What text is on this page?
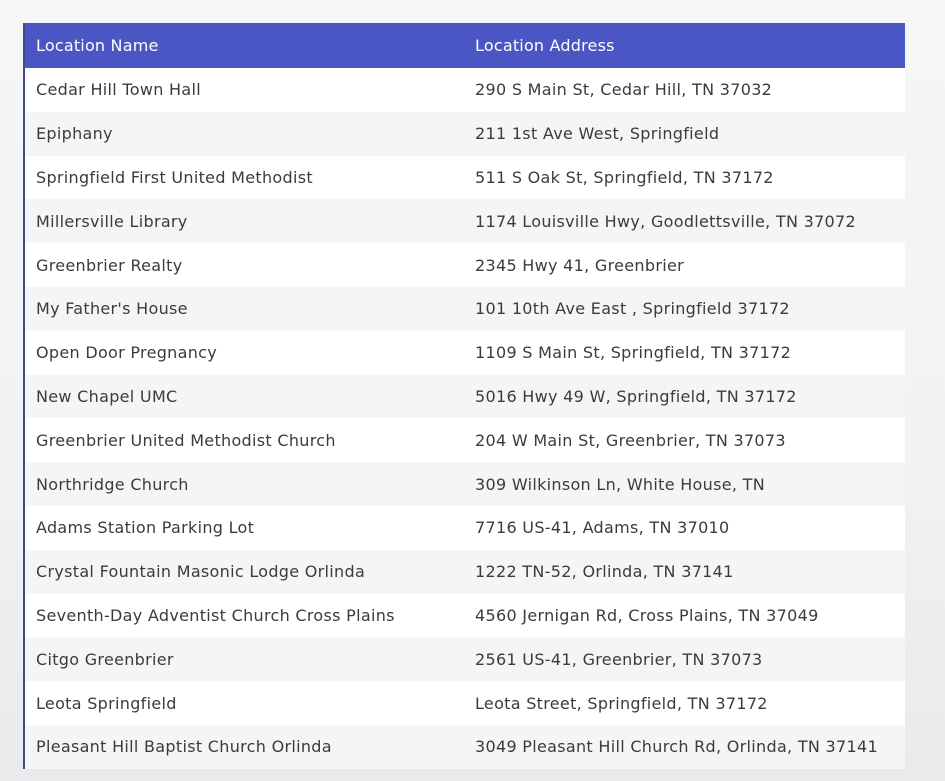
Location Name	Location Address
Cedar Hill Town Hall	290 S Main St, Cedar Hill, TN 37032
Epiphany	211 1st Ave West, Springfield
Springfield First United Methodist	511 S Oak St, Springfield, TN 37172
Millersville Library	1174 Louisville Hwy, Goodlettsville, TN 37072
Greenbrier Realty	2345 Hwy 41, Greenbrier
My Father's House	101 10th Ave East , Springfield 37172
Open Door Pregnancy	1109 S Main St, Springfield, TN 37172
New Chapel UMC	5016 Hwy 49 W, Springfield, TN 37172
Greenbrier United Methodist Church	204 W Main St, Greenbrier, TN 37073
Northridge Church	309 Wilkinson Ln, White House, TN
Adams Station Parking Lot	7716 US-41, Adams, TN 37010
Crystal Fountain Masonic Lodge Orlinda	1222 TN-52, Orlinda, TN 37141
Seventh-Day Adventist Church Cross Plains	4560 Jernigan Rd, Cross Plains, TN 37049
Citgo Greenbrier	2561 US-41, Greenbrier, TN 37073
Leota Springfield	Leota Street, Springfield, TN 37172
Pleasant Hill Baptist Church Orlinda	3049 Pleasant Hill Church Rd, Orlinda, TN 37141
